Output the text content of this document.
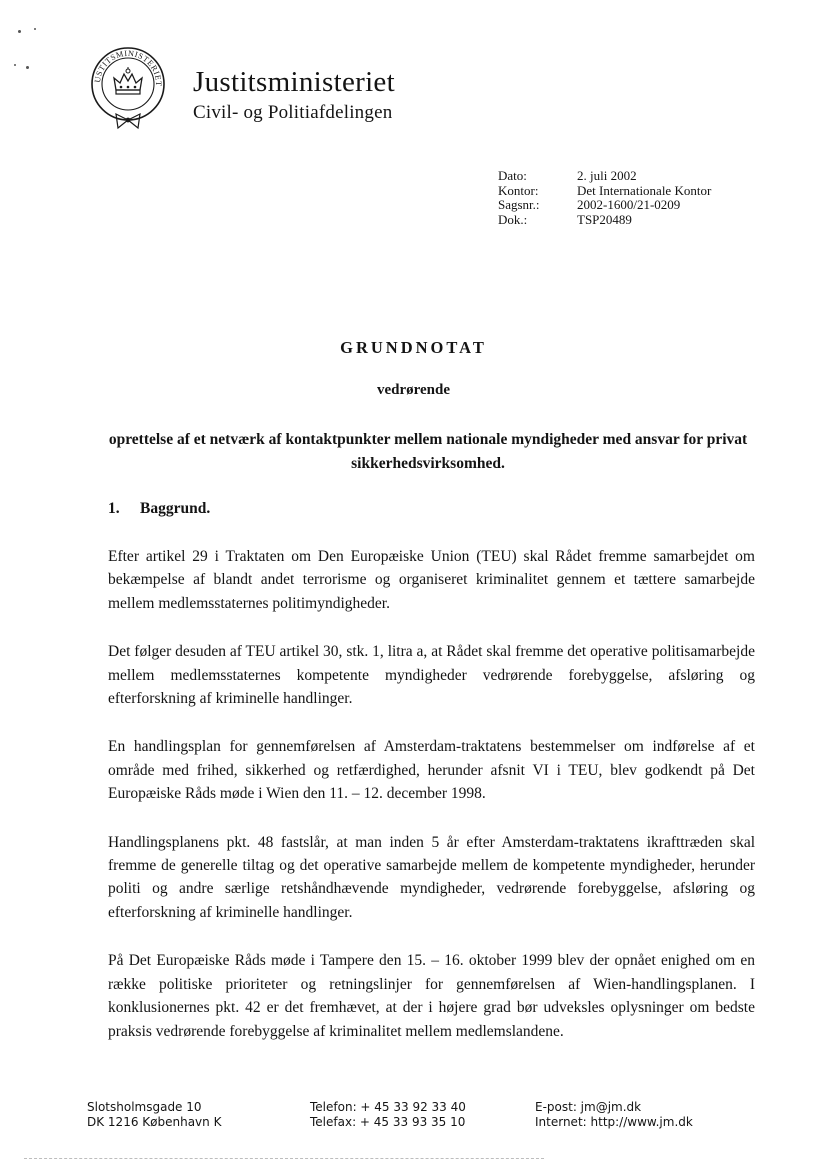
USTITSMINISTERIET Justitsministeriet
Civil- og Politiafdelingen
Dato:	2. juli 2002
Kontor:	Det Internationale Kontor
Sagsnr.:	2002-1600/21-0209
Dok.:	TSP20489
GRUNDNOTAT
vedrørende
oprettelse af et netværk af kontaktpunkter mellem nationale myndigheder med ansvar for privat sikkerhedsvirksomhed.
1. Baggrund.

Efter artikel 29 i Traktaten om Den Europæiske Union (TEU) skal Rådet fremme samarbejdet om bekæmpelse af blandt andet terrorisme og organiseret kriminalitet gennem et tættere samarbejde mellem medlemsstaternes politimyndigheder.

Det følger desuden af TEU artikel 30, stk. 1, litra a, at Rådet skal fremme det operative politisamarbejde mellem medlemsstaternes kompetente myndigheder vedrørende forebyggelse, afsløring og efterforskning af kriminelle handlinger.

En handlingsplan for gennemførelsen af Amsterdam-traktatens bestemmelser om indførelse af et område med frihed, sikkerhed og retfærdighed, herunder afsnit VI i TEU, blev godkendt på Det Europæiske Råds møde i Wien den 11. – 12. december 1998.

Handlingsplanens pkt. 48 fastslår, at man inden 5 år efter Amsterdam-traktatens ikrafttræden skal fremme de generelle tiltag og det operative samarbejde mellem de kompetente myndigheder, herunder politi og andre særlige retshåndhævende myndigheder, vedrørende forebyggelse, afsløring og efterforskning af kriminelle handlinger.

På Det Europæiske Råds møde i Tampere den 15. – 16. oktober 1999 blev der opnået enighed om en række politiske prioriteter og retningslinjer for gennemførelsen af Wien-handlingsplanen. I konklusionernes pkt. 42 er det fremhævet, at der i højere grad bør udveksles oplysninger om bedste praksis vedrørende forebyggelse af kriminalitet mellem medlemslandene.

Slotsholmsgade 10
DK 1216 København K
Telefon: + 45 33 92 33 40
Telefax: + 45 33 93 35 10
E-post: jm@jm.dk
Internet: http://www.jm.dk
